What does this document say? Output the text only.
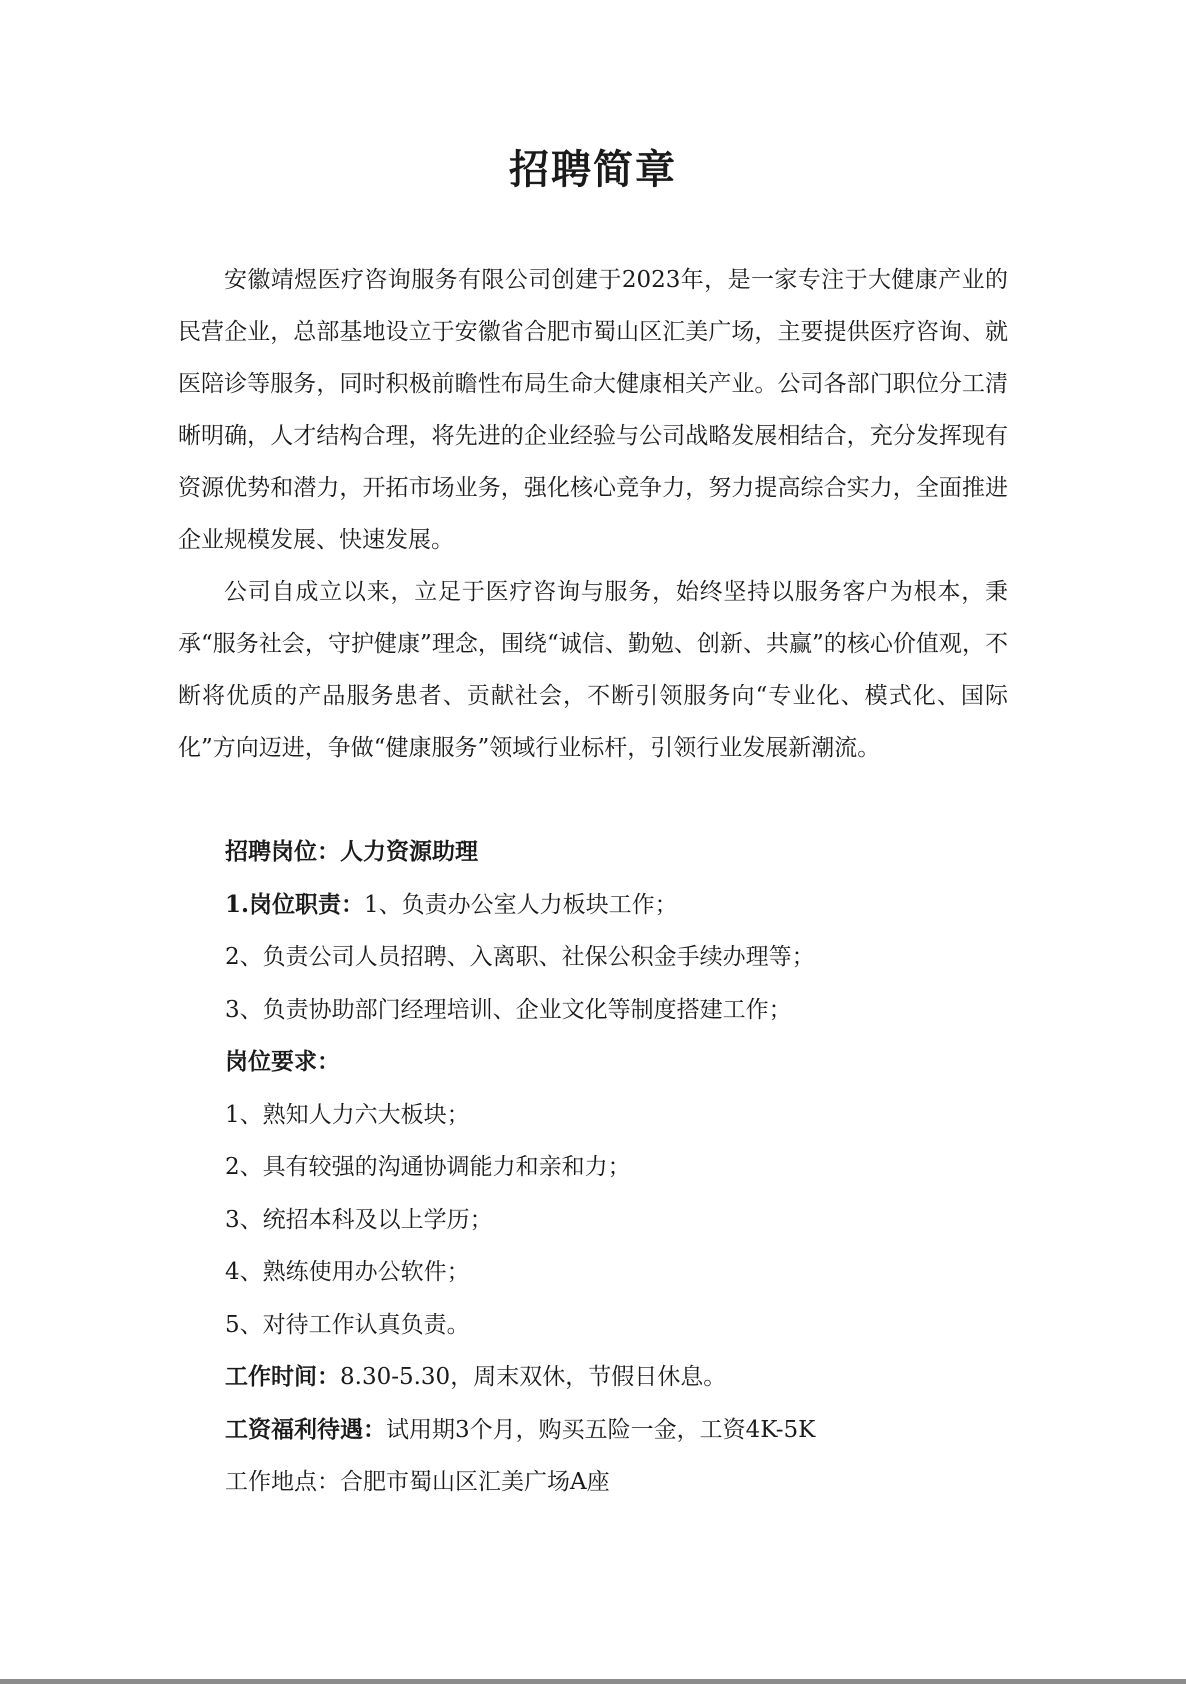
招聘简章

安徽靖煜医疗咨询服务有限公司创建于2023年，是一家专注于大健康产业的民营企业，总部基地设立于安徽省合肥市蜀山区汇美广场，主要提供医疗咨询、就医陪诊等服务，同时积极前瞻性布局生命大健康相关产业。公司各部门职位分工清晰明确，人才结构合理，将先进的企业经验与公司战略发展相结合，充分发挥现有资源优势和潜力，开拓市场业务，强化核心竞争力，努力提高综合实力，全面推进企业规模发展、快速发展。

公司自成立以来，立足于医疗咨询与服务，始终坚持以服务客户为根本，秉承“服务社会，守护健康”理念，围绕“诚信、勤勉、创新、共赢”的核心价值观，不断将优质的产品服务患者、贡献社会，不断引领服务向“专业化、模式化、国际化”方向迈进，争做“健康服务”领域行业标杆，引领行业发展新潮流。

招聘岗位：人力资源助理
1.岗位职责：1、负责办公室人力板块工作；
2、负责公司人员招聘、入离职、社保公积金手续办理等；
3、负责协助部门经理培训、企业文化等制度搭建工作；
岗位要求：
1、熟知人力六大板块；
2、具有较强的沟通协调能力和亲和力；
3、统招本科及以上学历；
4、熟练使用办公软件；
5、对待工作认真负责。
工作时间：8.30-5.30，周末双休，节假日休息。
工资福利待遇：试用期3个月，购买五险一金，工资4K-5K
工作地点：合肥市蜀山区汇美广场A座
